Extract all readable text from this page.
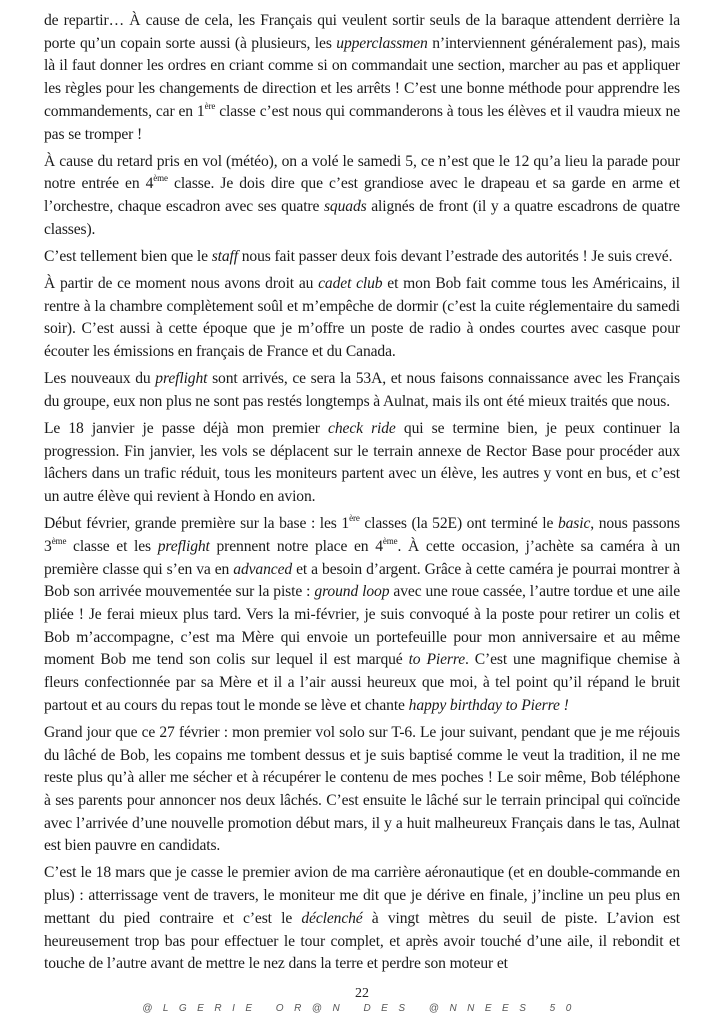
de repartir… À cause de cela, les Français qui veulent sortir seuls de la baraque attendent derrière la porte qu’un copain sorte aussi (à plusieurs, les upperclassmen n’interviennent généralement pas), mais là il faut donner les ordres en criant comme si on commandait une section, marcher au pas et appliquer les règles pour les changements de direction et les arrêts ! C’est une bonne méthode pour apprendre les commandements, car en 1ère classe c’est nous qui commanderons à tous les élèves et il vaudra mieux ne pas se tromper !

À cause du retard pris en vol (météo), on a volé le samedi 5, ce n’est que le 12 qu’a lieu la parade pour notre entrée en 4ème classe. Je dois dire que c’est grandiose avec le drapeau et sa garde en arme et l’orchestre, chaque escadron avec ses quatre squads alignés de front (il y a quatre escadrons de quatre classes).

C’est tellement bien que le staff nous fait passer deux fois devant l’estrade des autorités ! Je suis crevé.

À partir de ce moment nous avons droit au cadet club et mon Bob fait comme tous les Américains, il rentre à la chambre complètement soûl et m’empêche de dormir (c’est la cuite réglementaire du samedi soir). C’est aussi à cette époque que je m’offre un poste de radio à ondes courtes avec casque pour écouter les émissions en français de France et du Canada.

Les nouveaux du preflight sont arrivés, ce sera la 53A, et nous faisons connaissance avec les Français du groupe, eux non plus ne sont pas restés longtemps à Aulnat, mais ils ont été mieux traités que nous.

Le 18 janvier je passe déjà mon premier check ride qui se termine bien, je peux continuer la progression. Fin janvier, les vols se déplacent sur le terrain annexe de Rector Base pour procéder aux lâchers dans un trafic réduit, tous les moniteurs partent avec un élève, les autres y vont en bus, et c’est un autre élève qui revient à Hondo en avion.

Début février, grande première sur la base : les 1ère classes (la 52E) ont terminé le basic, nous passons 3ème classe et les preflight prennent notre place en 4ème. À cette occasion, j’achète sa caméra à un première classe qui s’en va en advanced et a besoin d’argent. Grâce à cette caméra je pourrai montrer à Bob son arrivée mouvementée sur la piste : ground loop avec une roue cassée, l’autre tordue et une aile pliée ! Je ferai mieux plus tard. Vers la mi-février, je suis convoqué à la poste pour retirer un colis et Bob m’accompagne, c’est ma Mère qui envoie un portefeuille pour mon anniversaire et au même moment Bob me tend son colis sur lequel il est marqué to Pierre. C’est une magnifique chemise à fleurs confectionnée par sa Mère et il a l’air aussi heureux que moi, à tel point qu’il répand le bruit partout et au cours du repas tout le monde se lève et chante happy birthday to Pierre !

Grand jour que ce 27 février : mon premier vol solo sur T-6. Le jour suivant, pendant que je me réjouis du lâché de Bob, les copains me tombent dessus et je suis baptisé comme le veut la tradition, il ne me reste plus qu’à aller me sécher et à récupérer le contenu de mes poches ! Le soir même, Bob téléphone à ses parents pour annoncer nos deux lâchés. C’est ensuite le lâché sur le terrain principal qui coïncide avec l’arrivée d’une nouvelle promotion début mars, il y a huit malheureux Français dans le tas, Aulnat est bien pauvre en candidats.

C’est le 18 mars que je casse le premier avion de ma carrière aéronautique (et en double-commande en plus) : atterrissage vent de travers, le moniteur me dit que je dérive en finale, j’incline un peu plus en mettant du pied contraire et c’est le déclenché à vingt mètres du seuil de piste. L’avion est heureusement trop bas pour effectuer le tour complet, et après avoir touché d’une aile, il rebondit et touche de l’autre avant de mettre le nez dans la terre et perdre son moteur et

22
@LGERIE OR@N DES @NNEES 50
